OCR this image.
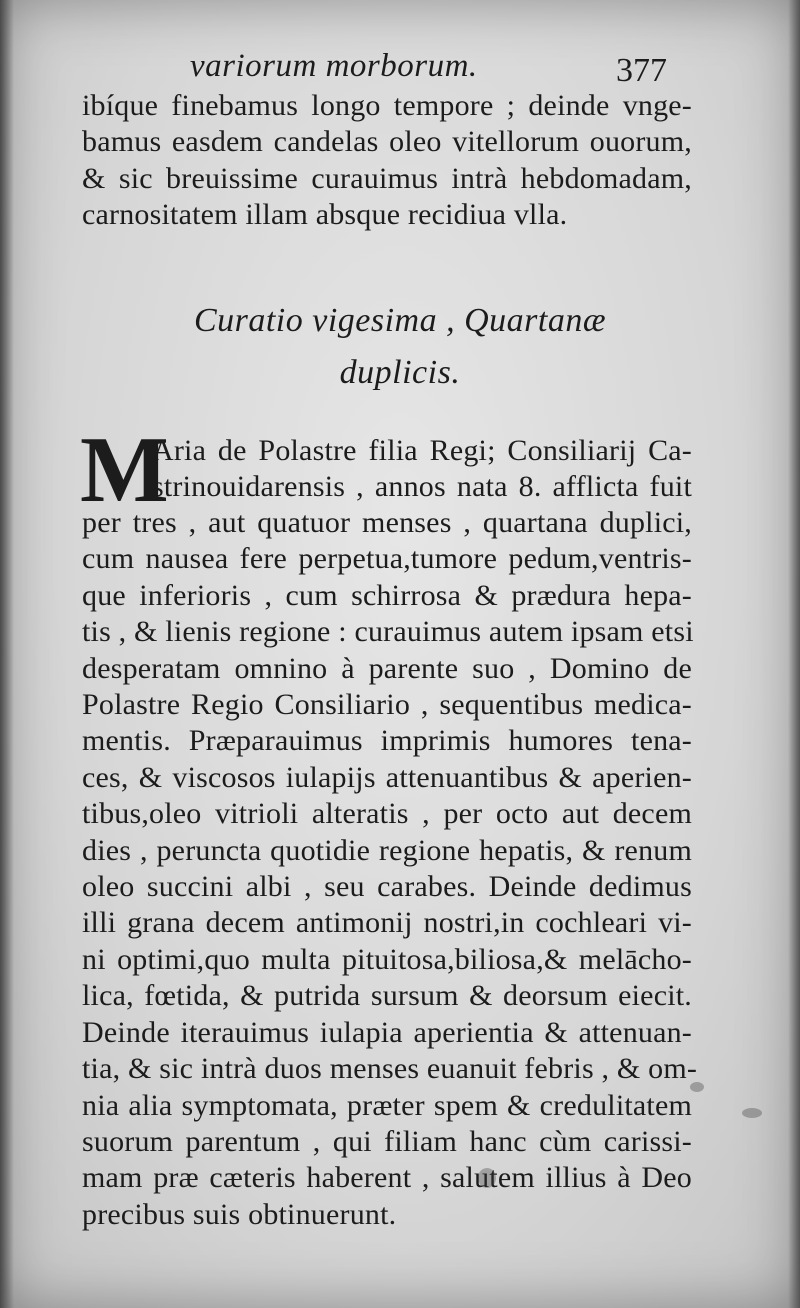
variorum morborum.	377
ibíque finebamus longo tempore ; deinde vnge-
bamus easdem candelas oleo vitellorum ouorum,
& sic breuissime curauimus intrà hebdomadam,
carnositatem illam absque recidiua vlla.
Curatio vigesima , Quartanæ
duplicis.
M
Aria de Polastre filia Regi; Consiliarij Ca-
strinouidarensis , annos nata 8. afflicta fuit
per tres , aut quatuor menses , quartana duplici,
cum nausea fere perpetua,tumore pedum,ventris-
que inferioris , cum schirrosa & prædura hepa-
tis , & lienis regione : curauimus autem ipsam etsi
desperatam omnino à parente suo , Domino de
Polastre Regio Consiliario , sequentibus medica-
mentis. Præparauimus imprimis humores tena-
ces, & viscosos iulapijs attenuantibus & aperien-
tibus,oleo vitrioli alteratis , per octo aut decem
dies , peruncta quotidie regione hepatis, & renum
oleo succini albi , seu carabes. Deinde dedimus
illi grana decem antimonij nostri,in cochleari vi-
ni optimi,quo multa pituitosa,biliosa,& melācho-
lica, fœtida, & putrida sursum & deorsum eiecit.
Deinde iterauimus iulapia aperientia & attenuan-
tia, & sic intrà duos menses euanuit febris , & om-
nia alia symptomata, præter spem & credulitatem
suorum parentum , qui filiam hanc cùm carissi-
mam præ cæteris haberent , salutem illius à Deo
precibus suis obtinuerunt.
